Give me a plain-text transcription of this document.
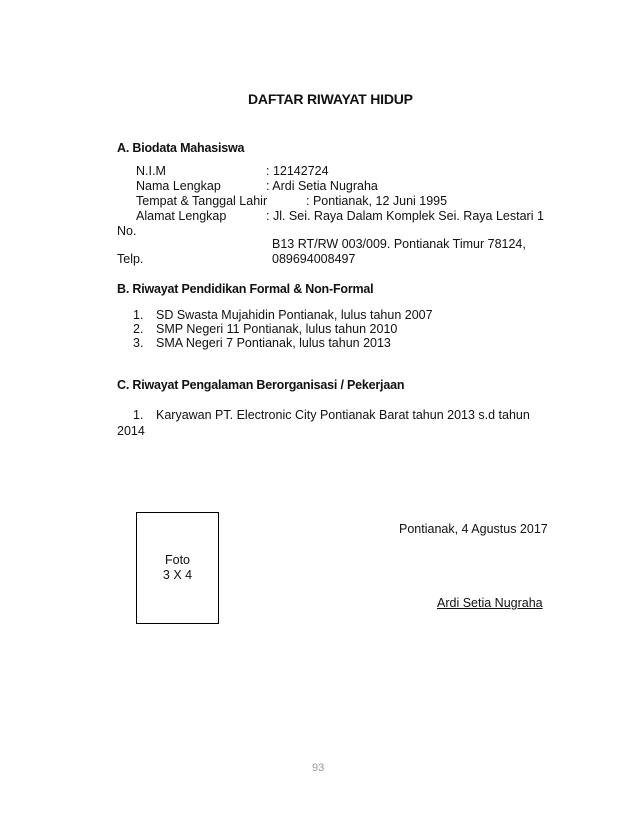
DAFTAR RIWAYAT HIDUP
A. Biodata Mahasiswa
N.I.M	: 12142724
Nama Lengkap	: Ardi Setia Nugraha
Tempat & Tanggal Lahir	: Pontianak, 12 Juni 1995
Alamat Lengkap	: Jl. Sei. Raya Dalam Komplek Sei. Raya Lestari 1
No.
B13 RT/RW 003/009. Pontianak Timur 78124,
Telp.	089694008497
B. Riwayat Pendidikan Formal & Non-Formal
1. SD Swasta Mujahidin Pontianak, lulus tahun 2007
2. SMP Negeri 11 Pontianak, lulus tahun 2010
3. SMA Negeri 7 Pontianak, lulus tahun 2013
C. Riwayat Pengalaman Berorganisasi / Pekerjaan
1. Karyawan PT. Electronic City Pontianak Barat tahun 2013 s.d tahun
2014
Foto
3 X 4
Pontianak, 4 Agustus 2017
Ardi Setia Nugraha
93
